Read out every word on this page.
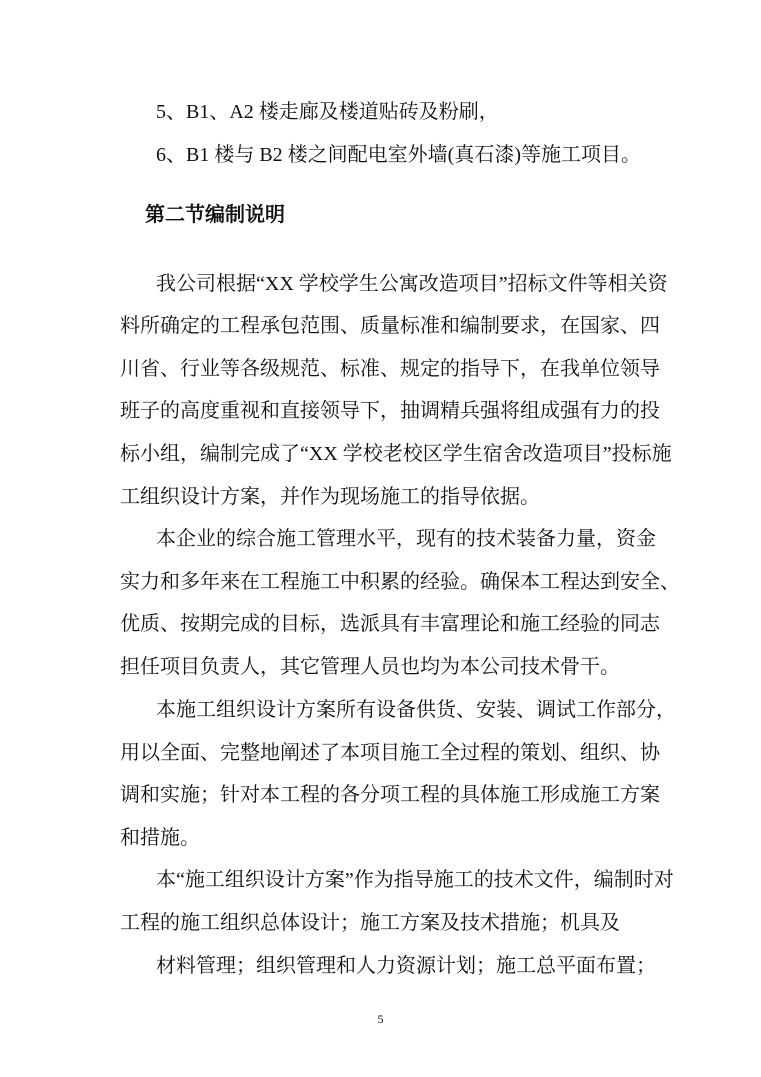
5、B1、A2 楼走廊及楼道贴砖及粉刷，
6、B1 楼与 B2 楼之间配电室外墙(真石漆)等施工项目。
第二节编制说明
我公司根据“XX 学校学生公寓改造项目”招标文件等相关资
料所确定的工程承包范围、质量标准和编制要求，在国家、四
川省、行业等各级规范、标准、规定的指导下，在我单位领导
班子的高度重视和直接领导下，抽调精兵强将组成强有力的投
标小组，编制完成了“XX 学校老校区学生宿舍改造项目”投标施
工组织设计方案，并作为现场施工的指导依据。
本企业的综合施工管理水平，现有的技术装备力量，资金
实力和多年来在工程施工中积累的经验。确保本工程达到安全、
优质、按期完成的目标，选派具有丰富理论和施工经验的同志
担任项目负责人，其它管理人员也均为本公司技术骨干。
本施工组织设计方案所有设备供货、安装、调试工作部分，
用以全面、完整地阐述了本项目施工全过程的策划、组织、协
调和实施；针对本工程的各分项工程的具体施工形成施工方案
和措施。
本“施工组织设计方案”作为指导施工的技术文件，编制时对
工程的施工组织总体设计；施工方案及技术措施；机具及
材料管理；组织管理和人力资源计划；施工总平面布置；
5
